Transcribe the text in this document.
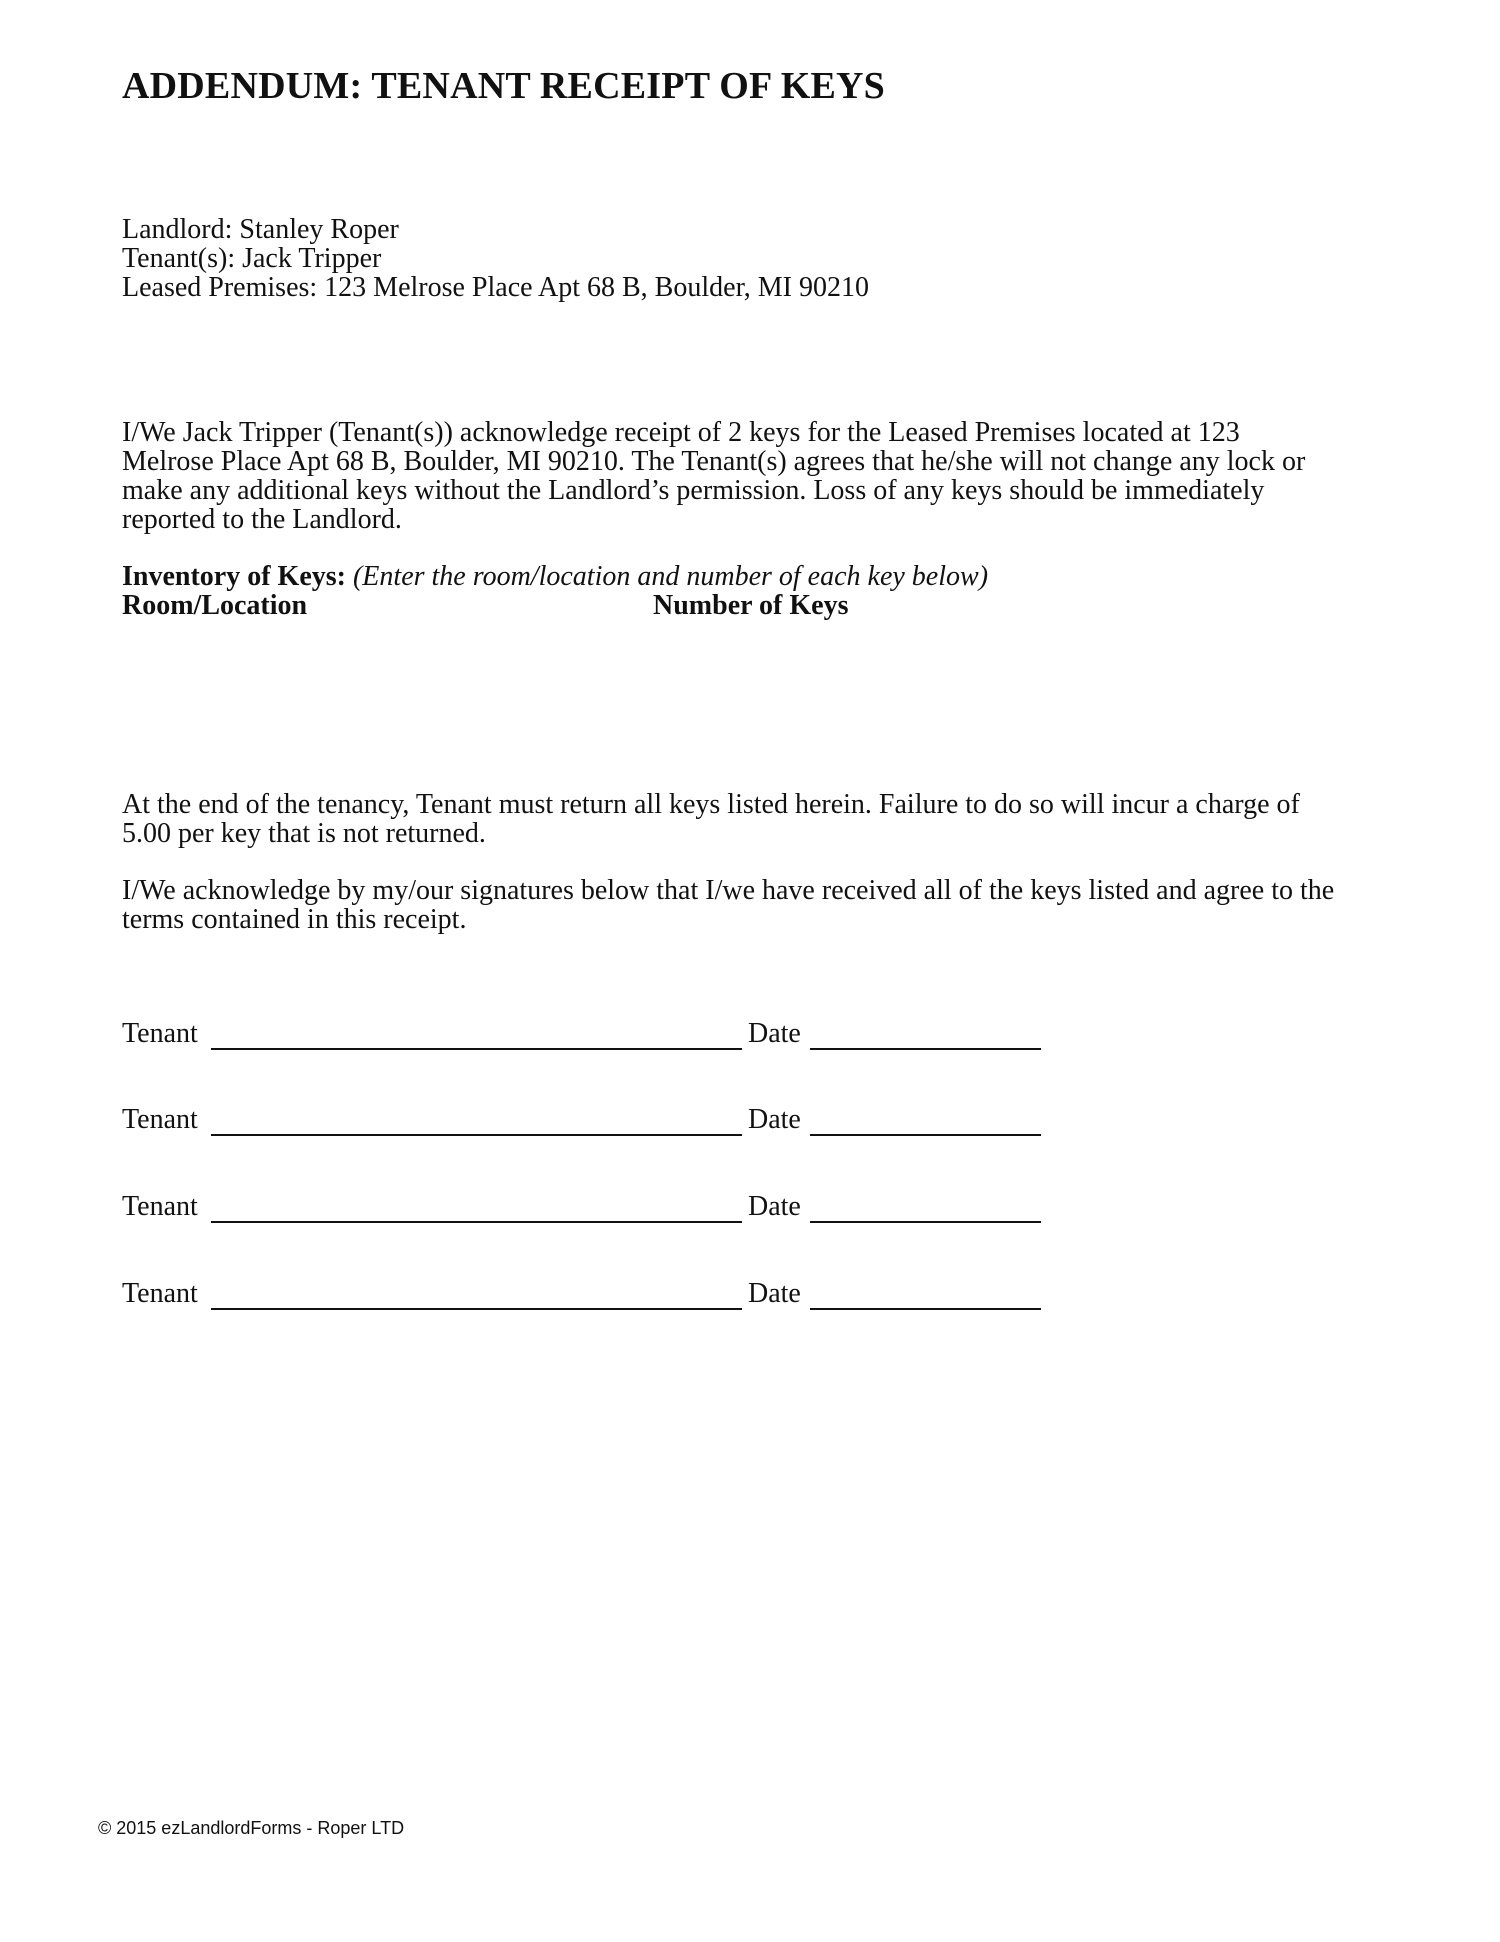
ADDENDUM: TENANT RECEIPT OF KEYS
Landlord: Stanley Roper
Tenant(s): Jack Tripper
Leased Premises: 123 Melrose Place Apt 68 B, Boulder, MI 90210
I/We Jack Tripper (Tenant(s)) acknowledge receipt of 2 keys for the Leased Premises located at 123
Melrose Place Apt 68 B, Boulder, MI 90210. The Tenant(s) agrees that he/she will not change any lock or
make any additional keys without the Landlord’s permission. Loss of any keys should be immediately
reported to the Landlord.
Inventory of Keys: (Enter the room/location and number of each key below)
Room/Location	Number of Keys
At the end of the tenancy, Tenant must return all keys listed herein. Failure to do so will incur a charge of
5.00 per key that is not returned.
I/We acknowledge by my/our signatures below that I/we have received all of the keys listed and agree to the
terms contained in this receipt.
Tenant	Date
Tenant	Date
Tenant	Date
Tenant	Date
© 2015 ezLandlordForms - Roper LTD
